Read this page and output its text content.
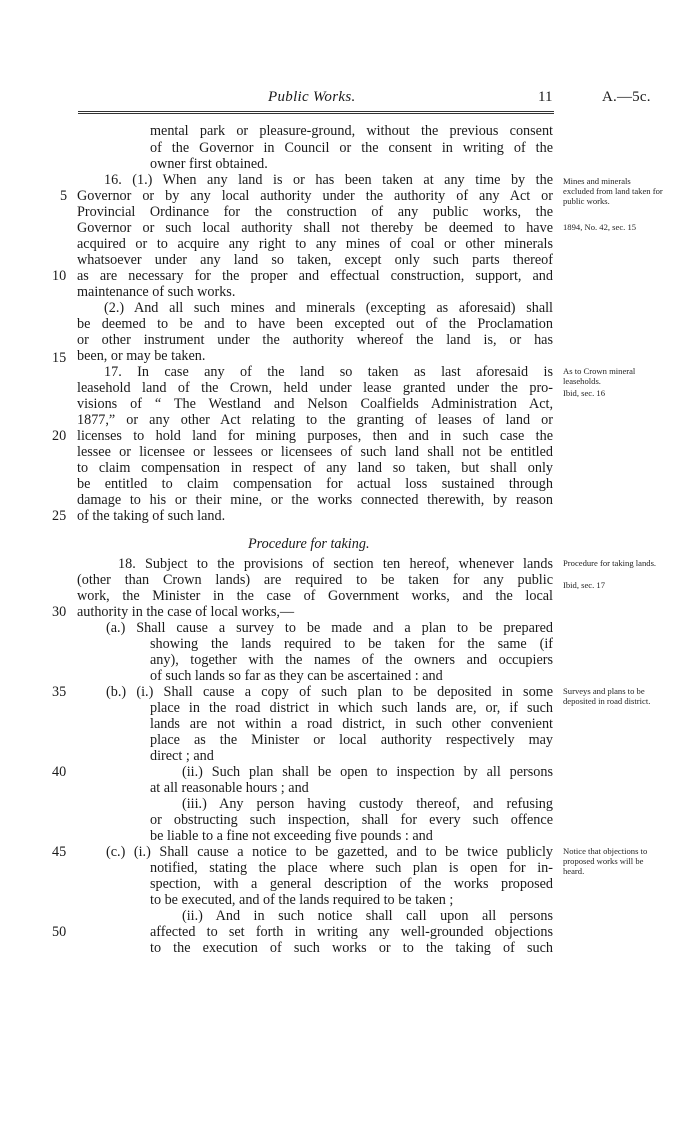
Public Works.	11	A.—5c.
mental park or pleasure-ground, without the previous consent
of the Governor in Council or the consent in writing of the
owner first obtained.
16. (1.) When any land is or has been taken at any time by the
Governor or by any local authority under the authority of any Act or
Provincial Ordinance for the construction of any public works, the
Governor or such local authority shall not thereby be deemed to have
acquired or to acquire any right to any mines of coal or other minerals
whatsoever under any land so taken, except only such parts thereof
as are necessary for the proper and effectual construction, support, and
maintenance of such works.
(2.) And all such mines and minerals (excepting as aforesaid) shall
be deemed to be and to have been excepted out of the Proclamation
or other instrument under the authority whereof the land is, or has
been, or may be taken.
17. In case any of the land so taken as last aforesaid is
leasehold land of the Crown, held under lease granted under the pro-
visions of “ The Westland and Nelson Coalfields Administration Act,
1877,” or any other Act relating to the granting of leases of land or
licenses to hold land for mining purposes, then and in such case the
lessee or licensee or lessees or licensees of such land shall not be entitled
to claim compensation in respect of any land so taken, but shall only
be entitled to claim compensation for actual loss sustained through
damage to his or their mine, or the works connected therewith, by reason
of the taking of such land.
Procedure for taking.
18. Subject to the provisions of section ten hereof, whenever lands
(other than Crown lands) are required to be taken for any public
work, the Minister in the case of Government works, and the local
authority in the case of local works,—
(a.) Shall cause a survey to be made and a plan to be prepared
showing the lands required to be taken for the same (if
any), together with the names of the owners and occupiers
of such lands so far as they can be ascertained : and
(b.) (i.) Shall cause a copy of such plan to be deposited in some
place in the road district in which such lands are, or, if such
lands are not within a road district, in such other convenient
place as the Minister or local authority respectively may
direct ; and
(ii.) Such plan shall be open to inspection by all persons
at all reasonable hours ; and
(iii.) Any person having custody thereof, and refusing
or obstructing such inspection, shall for every such offence
be liable to a fine not exceeding five pounds : and
(c.) (i.) Shall cause a notice to be gazetted, and to be twice publicly
notified, stating the place where such plan is open for in-
spection, with a general description of the works proposed
to be executed, and of the lands required to be taken ;
(ii.) And in such notice shall call upon all persons
affected to set forth in writing any well-grounded objections
to the execution of such works or to the taking of such
5
10
15
20
25
30
35
40
45
50
Mines and minerals excluded from land taken for public works.
1894, No. 42, sec. 15
As to Crown mineral leaseholds.
Ibid, sec. 16
Procedure for taking lands.
Ibid, sec. 17
Surveys and plans to be deposited in road district.
Notice that objections to proposed works will be heard.
